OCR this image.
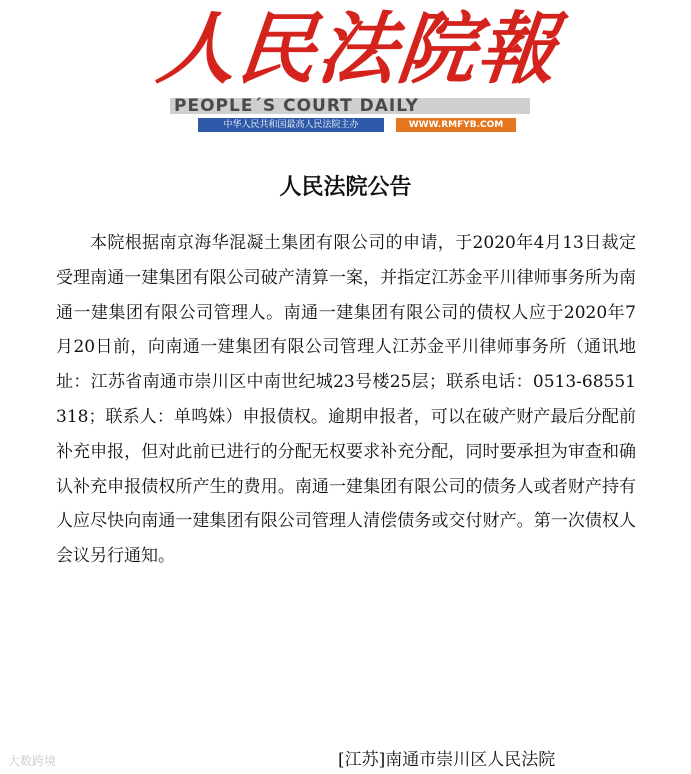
人民法院報
PEOPLE´S COURT DAILY
中华人民共和国最高人民法院主办	WWW.RMFYB.COM
人民法院公告
本院根据南京海华混凝土集团有限公司的申请，于2020年4月13日裁定受理南通一建集团有限公司破产清算一案，并指定江苏金平川律师事务所为南通一建集团有限公司管理人。南通一建集团有限公司的债权人应于2020年7月20日前，向南通一建集团有限公司管理人江苏金平川律师事务所（通讯地址：江苏省南通市崇川区中南世纪城23号楼25层；联系电话：0513-68551318；联系人：单鸣姝）申报债权。逾期申报者，可以在破产财产最后分配前补充申报，但对此前已进行的分配无权要求补充分配，同时要承担为审查和确认补充申报债权所产生的费用。南通一建集团有限公司的债务人或者财产持有人应尽快向南通一建集团有限公司管理人清偿债务或交付财产。第一次债权人会议另行通知。
大数跨境	[江苏]南通市崇川区人民法院
